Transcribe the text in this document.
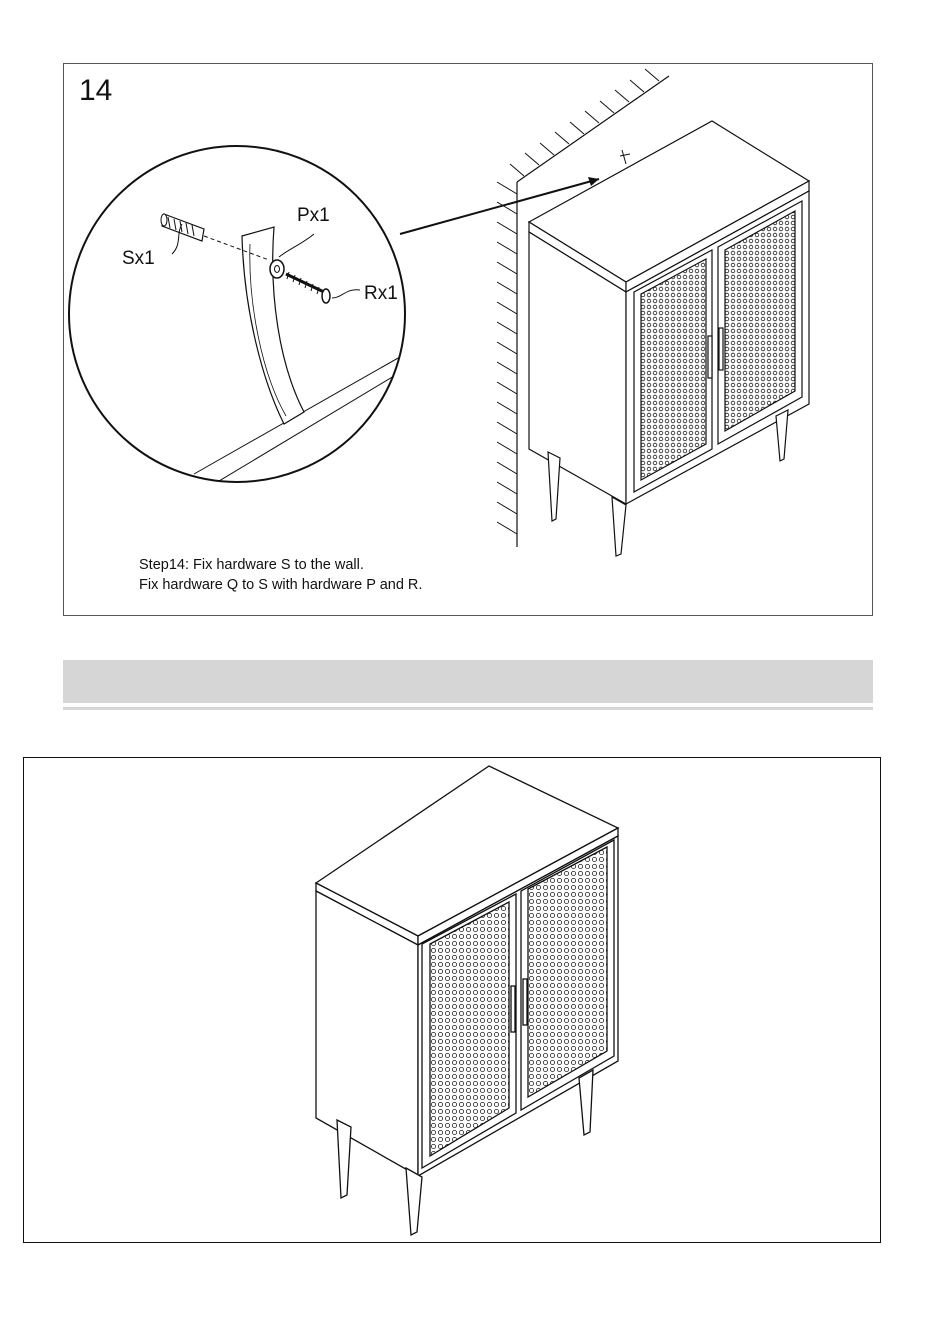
14
Sx1
Px1
Rx1
Step14: Fix hardware S to the wall.
Fix hardware Q to S with hardware P and R.
